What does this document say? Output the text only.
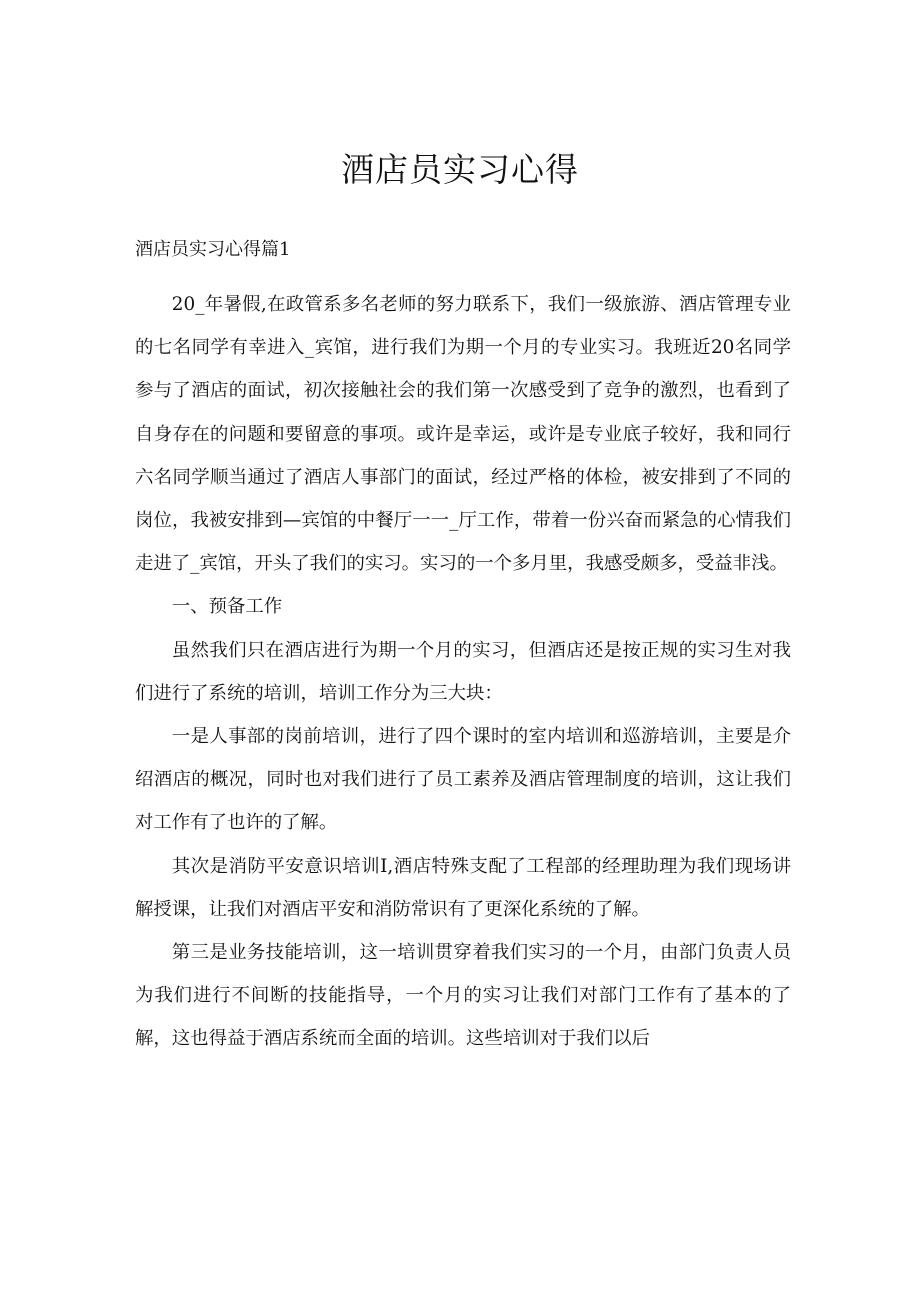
酒店员实习心得

酒店员实习心得篇1

20_年暑假,在政管系多名老师的努力联系下，我们一级旅游、酒店管理专业的七名同学有幸进入_宾馆，进行我们为期一个月的专业实习。我班近20名同学参与了酒店的面试，初次接触社会的我们第一次感受到了竞争的激烈，也看到了自身存在的问题和要留意的事项。或许是幸运，或许是专业底子较好，我和同行六名同学顺当通过了酒店人事部门的面试，经过严格的体检，被安排到了不同的岗位，我被安排到—宾馆的中餐厅一一_厅工作，带着一份兴奋而紧急的心情我们走进了_宾馆，开头了我们的实习。实习的一个多月里，我感受颇多，受益非浅。

一、预备工作

虽然我们只在酒店进行为期一个月的实习，但酒店还是按正规的实习生对我们进行了系统的培训，培训工作分为三大块：

一是人事部的岗前培训，进行了四个课时的室内培训和巡游培训，主要是介绍酒店的概况，同时也对我们进行了员工素养及酒店管理制度的培训，这让我们对工作有了也许的了解。

其次是消防平安意识培训I,酒店特殊支配了工程部的经理助理为我们现场讲解授课，让我们对酒店平安和消防常识有了更深化系统的了解。

第三是业务技能培训，这一培训贯穿着我们实习的一个月，由部门负责人员为我们进行不间断的技能指导，一个月的实习让我们对部门工作有了基本的了解，这也得益于酒店系统而全面的培训。这些培训对于我们以后
